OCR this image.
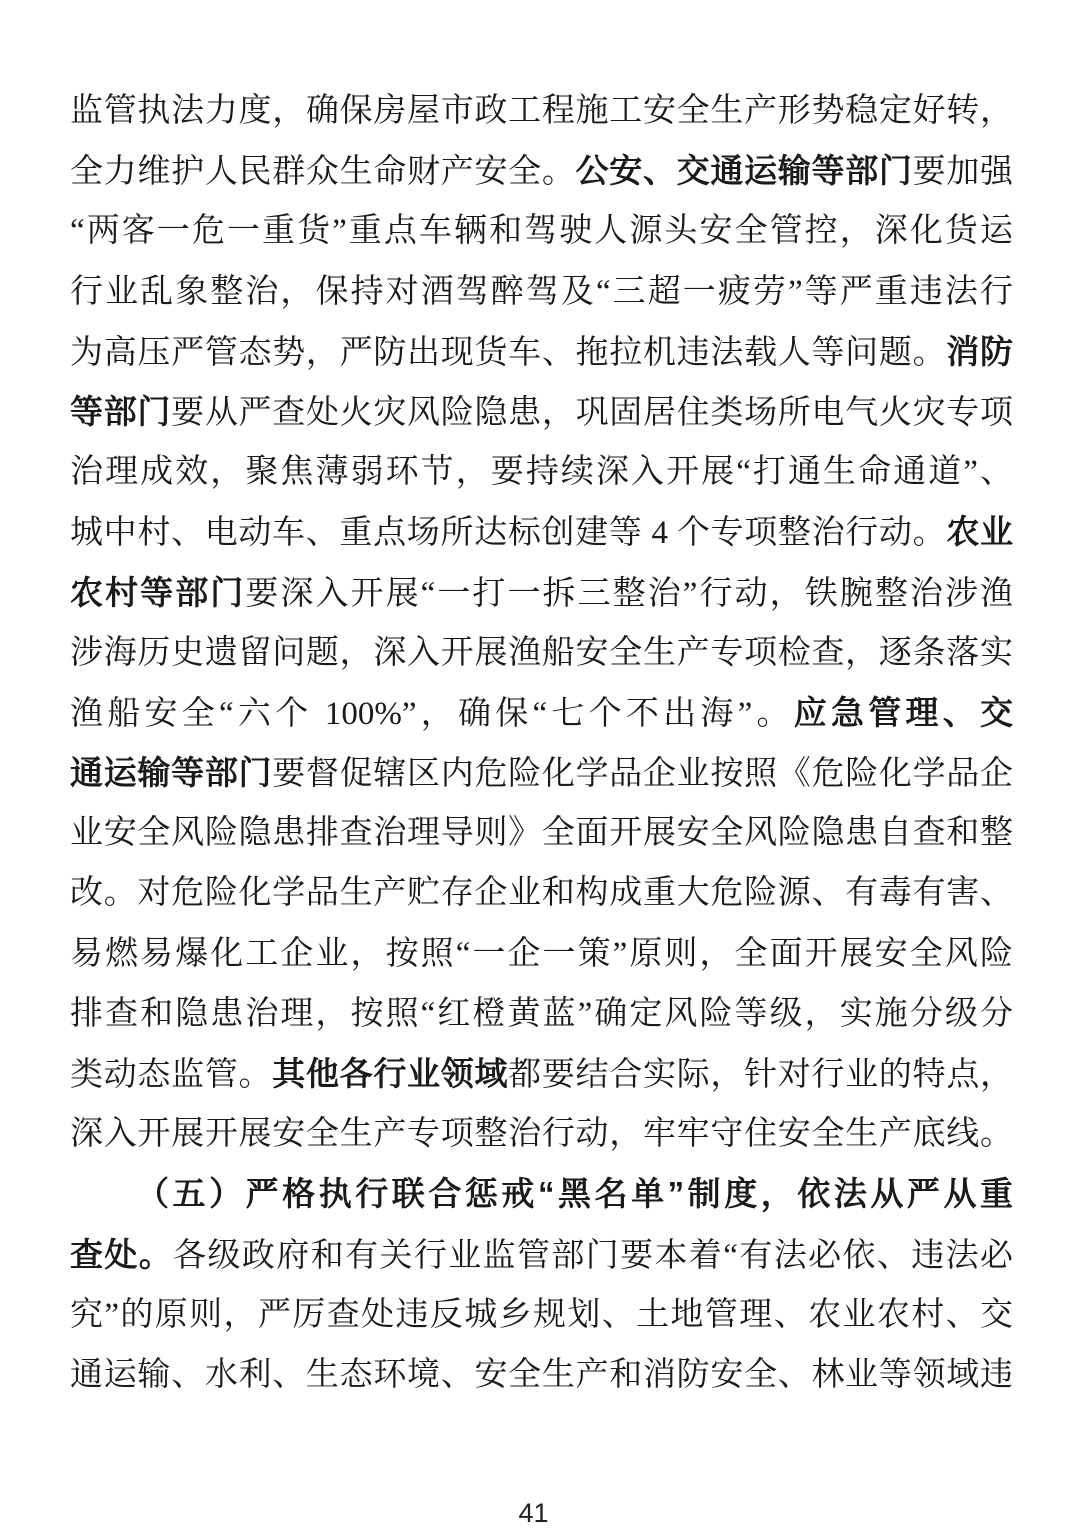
监管执法力度，确保房屋市政工程施工安全生产形势稳定好转，
全力维护人民群众生命财产安全。公安、交通运输等部门要加强
“两客一危一重货”重点车辆和驾驶人源头安全管控，深化货运
行业乱象整治，保持对酒驾醉驾及“三超一疲劳”等严重违法行
为高压严管态势，严防出现货车、拖拉机违法载人等问题。消防
等部门要从严查处火灾风险隐患，巩固居住类场所电气火灾专项
治理成效，聚焦薄弱环节，要持续深入开展“打通生命通道”、
城中村、电动车、重点场所达标创建等 4 个专项整治行动。农业
农村等部门要深入开展“一打一拆三整治”行动，铁腕整治涉渔
涉海历史遗留问题，深入开展渔船安全生产专项检查，逐条落实
渔船安全“六个 100%”，确保“七个不出海”。应急管理、交
通运输等部门要督促辖区内危险化学品企业按照《危险化学品企
业安全风险隐患排查治理导则》全面开展安全风险隐患自查和整
改。对危险化学品生产贮存企业和构成重大危险源、有毒有害、
易燃易爆化工企业，按照“一企一策”原则，全面开展安全风险
排查和隐患治理，按照“红橙黄蓝”确定风险等级，实施分级分
类动态监管。其他各行业领域都要结合实际，针对行业的特点，
深入开展开展安全生产专项整治行动，牢牢守住安全生产底线。
（五）严格执行联合惩戒“黑名单”制度，依法从严从重
查处。各级政府和有关行业监管部门要本着“有法必依、违法必
究”的原则，严厉查处违反城乡规划、土地管理、农业农村、交
通运输、水利、生态环境、安全生产和消防安全、林业等领域违
41
